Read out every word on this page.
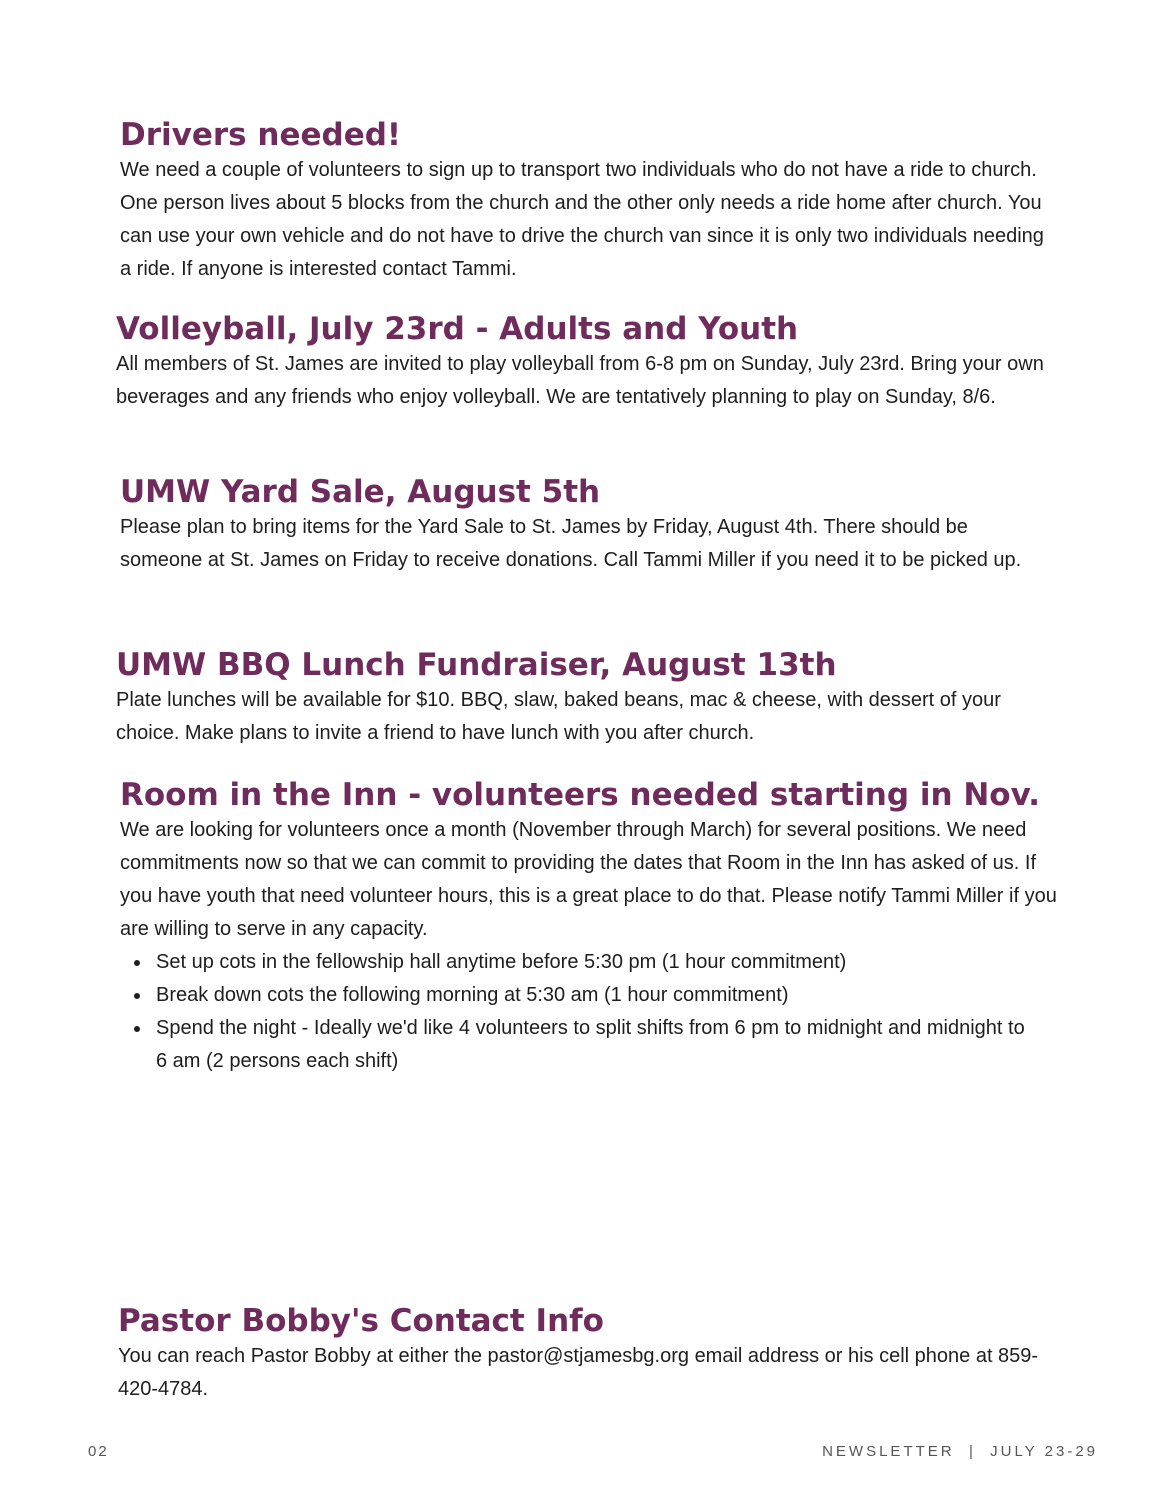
Drivers needed!

We need a couple of volunteers to sign up to transport two individuals who do not have a ride to church. One person lives about 5 blocks from the church and the other only needs a ride home after church. You can use your own vehicle and do not have to drive the church van since it is only two individuals needing a ride. If anyone is interested contact Tammi.

Volleyball, July 23rd - Adults and Youth

All members of St. James are invited to play volleyball from 6-8 pm on Sunday, July 23rd. Bring your own beverages and any friends who enjoy volleyball. We are tentatively planning to play on Sunday, 8/6.

UMW Yard Sale, August 5th

Please plan to bring items for the Yard Sale to St. James by Friday, August 4th. There should be someone at St. James on Friday to receive donations. Call Tammi Miller if you need it to be picked up.

UMW BBQ Lunch Fundraiser, August 13th

Plate lunches will be available for $10. BBQ, slaw, baked beans, mac & cheese, with dessert of your choice. Make plans to invite a friend to have lunch with you after church.

Room in the Inn - volunteers needed starting in Nov.

We are looking for volunteers once a month (November through March) for several positions. We need commitments now so that we can commit to providing the dates that Room in the Inn has asked of us. If you have youth that need volunteer hours, this is a great place to do that. Please notify Tammi Miller if you are willing to serve in any capacity.

Set up cots in the fellowship hall anytime before 5:30 pm (1 hour commitment)
Break down cots the following morning at 5:30 am (1 hour commitment)
Spend the night - Ideally we'd like 4 volunteers to split shifts from 6 pm to midnight and midnight to 6 am (2 persons each shift)
Pastor Bobby's Contact Info

You can reach Pastor Bobby at either the pastor@stjamesbg.org email address or his cell phone at 859-420-4784.

02	NEWSLETTER  |  JULY 23-29
